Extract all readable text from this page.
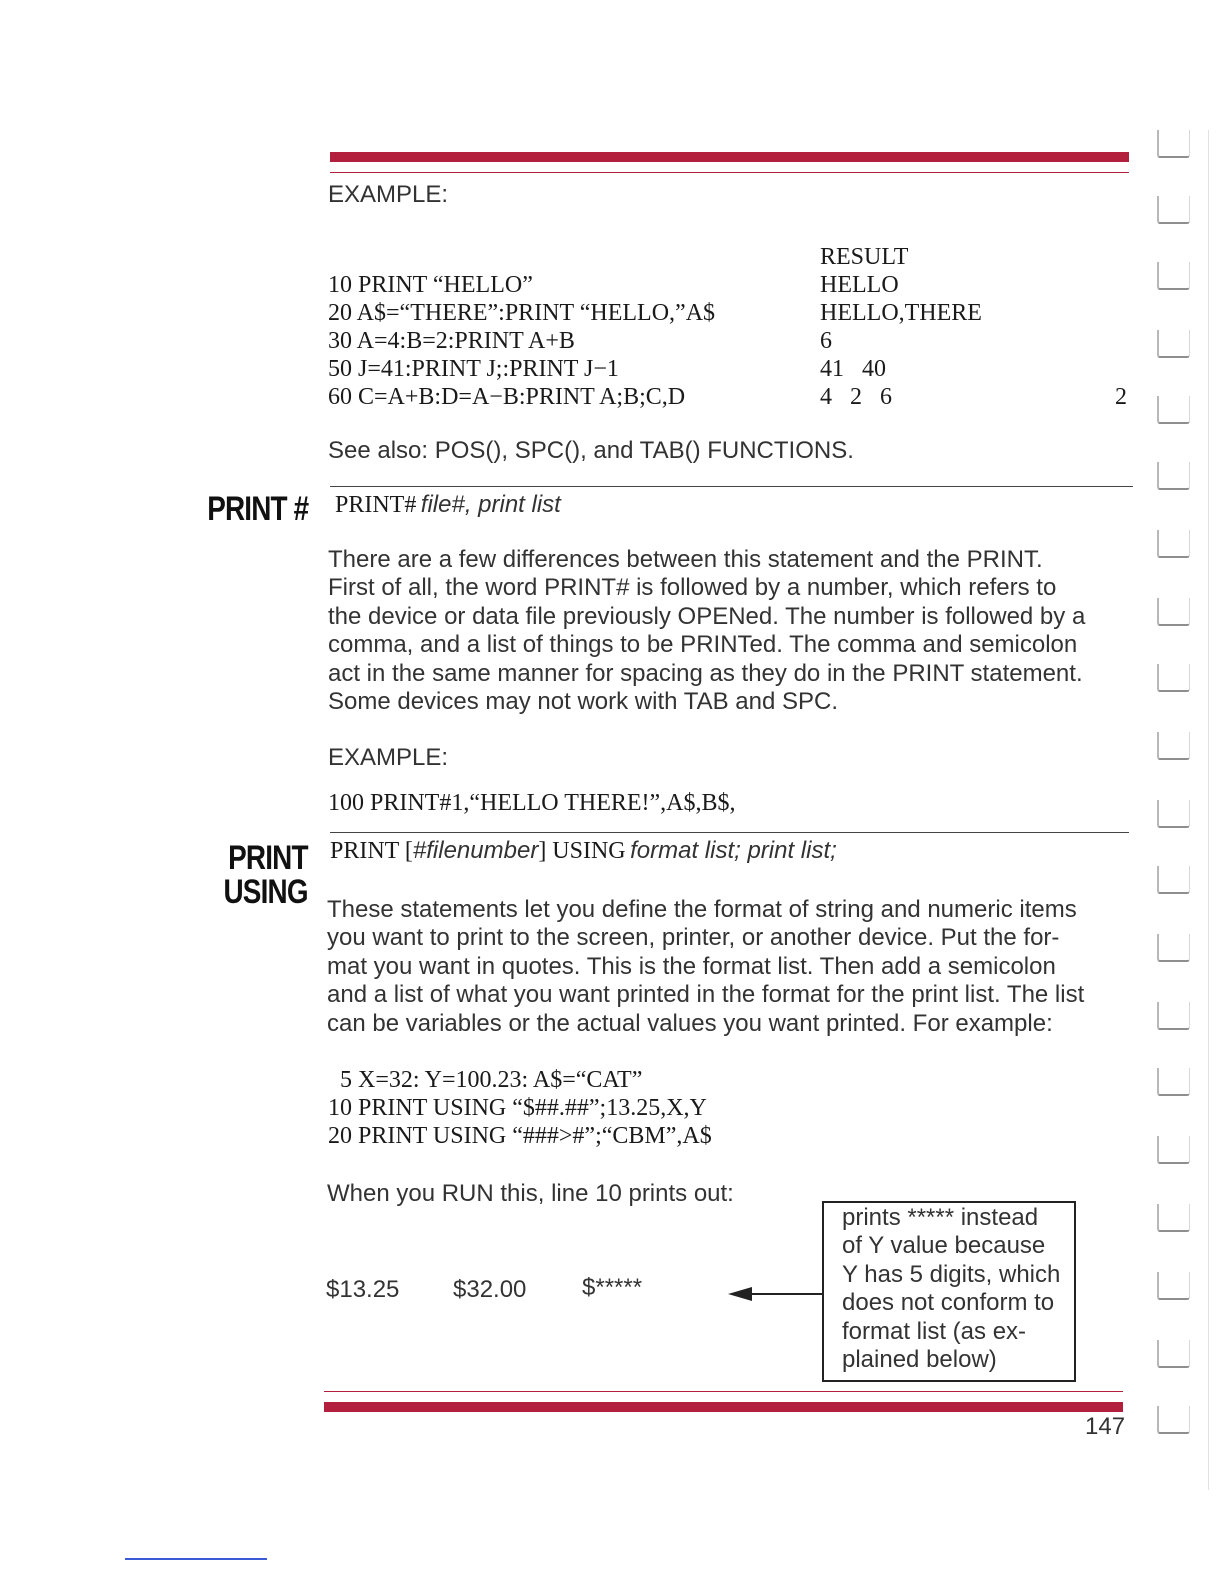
EXAMPLE:
RESULT
10 PRINT “HELLO”
20 A$=“THERE”:PRINT “HELLO,”A$
30 A=4:B=2:PRINT A+B
50 J=41:PRINT J;:PRINT J−1
60 C=A+B:D=A−B:PRINT A;B;C,D
HELLO
HELLO,THERE
6
41   40
4   2   6	2
See also: POS(), SPC(), and TAB() FUNCTIONS.
PRINT # PRINT# file#, print list
There are a few differences between this statement and the PRINT.
First of all, the word PRINT# is followed by a number, which refers to
the device or data file previously OPENed. The number is followed by a
comma, and a list of things to be PRINTed. The comma and semicolon
act in the same manner for spacing as they do in the PRINT statement.
Some devices may not work with TAB and SPC.
EXAMPLE:
100 PRINT#1,“HELLO THERE!”,A$,B$,
PRINT
USING
PRINT [#filenumber] USING format list; print list;
These statements let you define the format of string and numeric items
you want to print to the screen, printer, or another device. Put the for-
mat you want in quotes. This is the format list. Then add a semicolon
and a list of what you want printed in the format for the print list. The list
can be variables or the actual values you want printed. For example:
5 X=32: Y=100.23: A$=“CAT”
10 PRINT USING “$##.##”;13.25,X,Y
20 PRINT USING “###>#”;“CBM”,A$
When you RUN this, line 10 prints out:
$13.25 $32.00 $*****
prints ***** instead
of Y value because
Y has 5 digits, which
does not conform to
format list (as ex-
plained below)
147
